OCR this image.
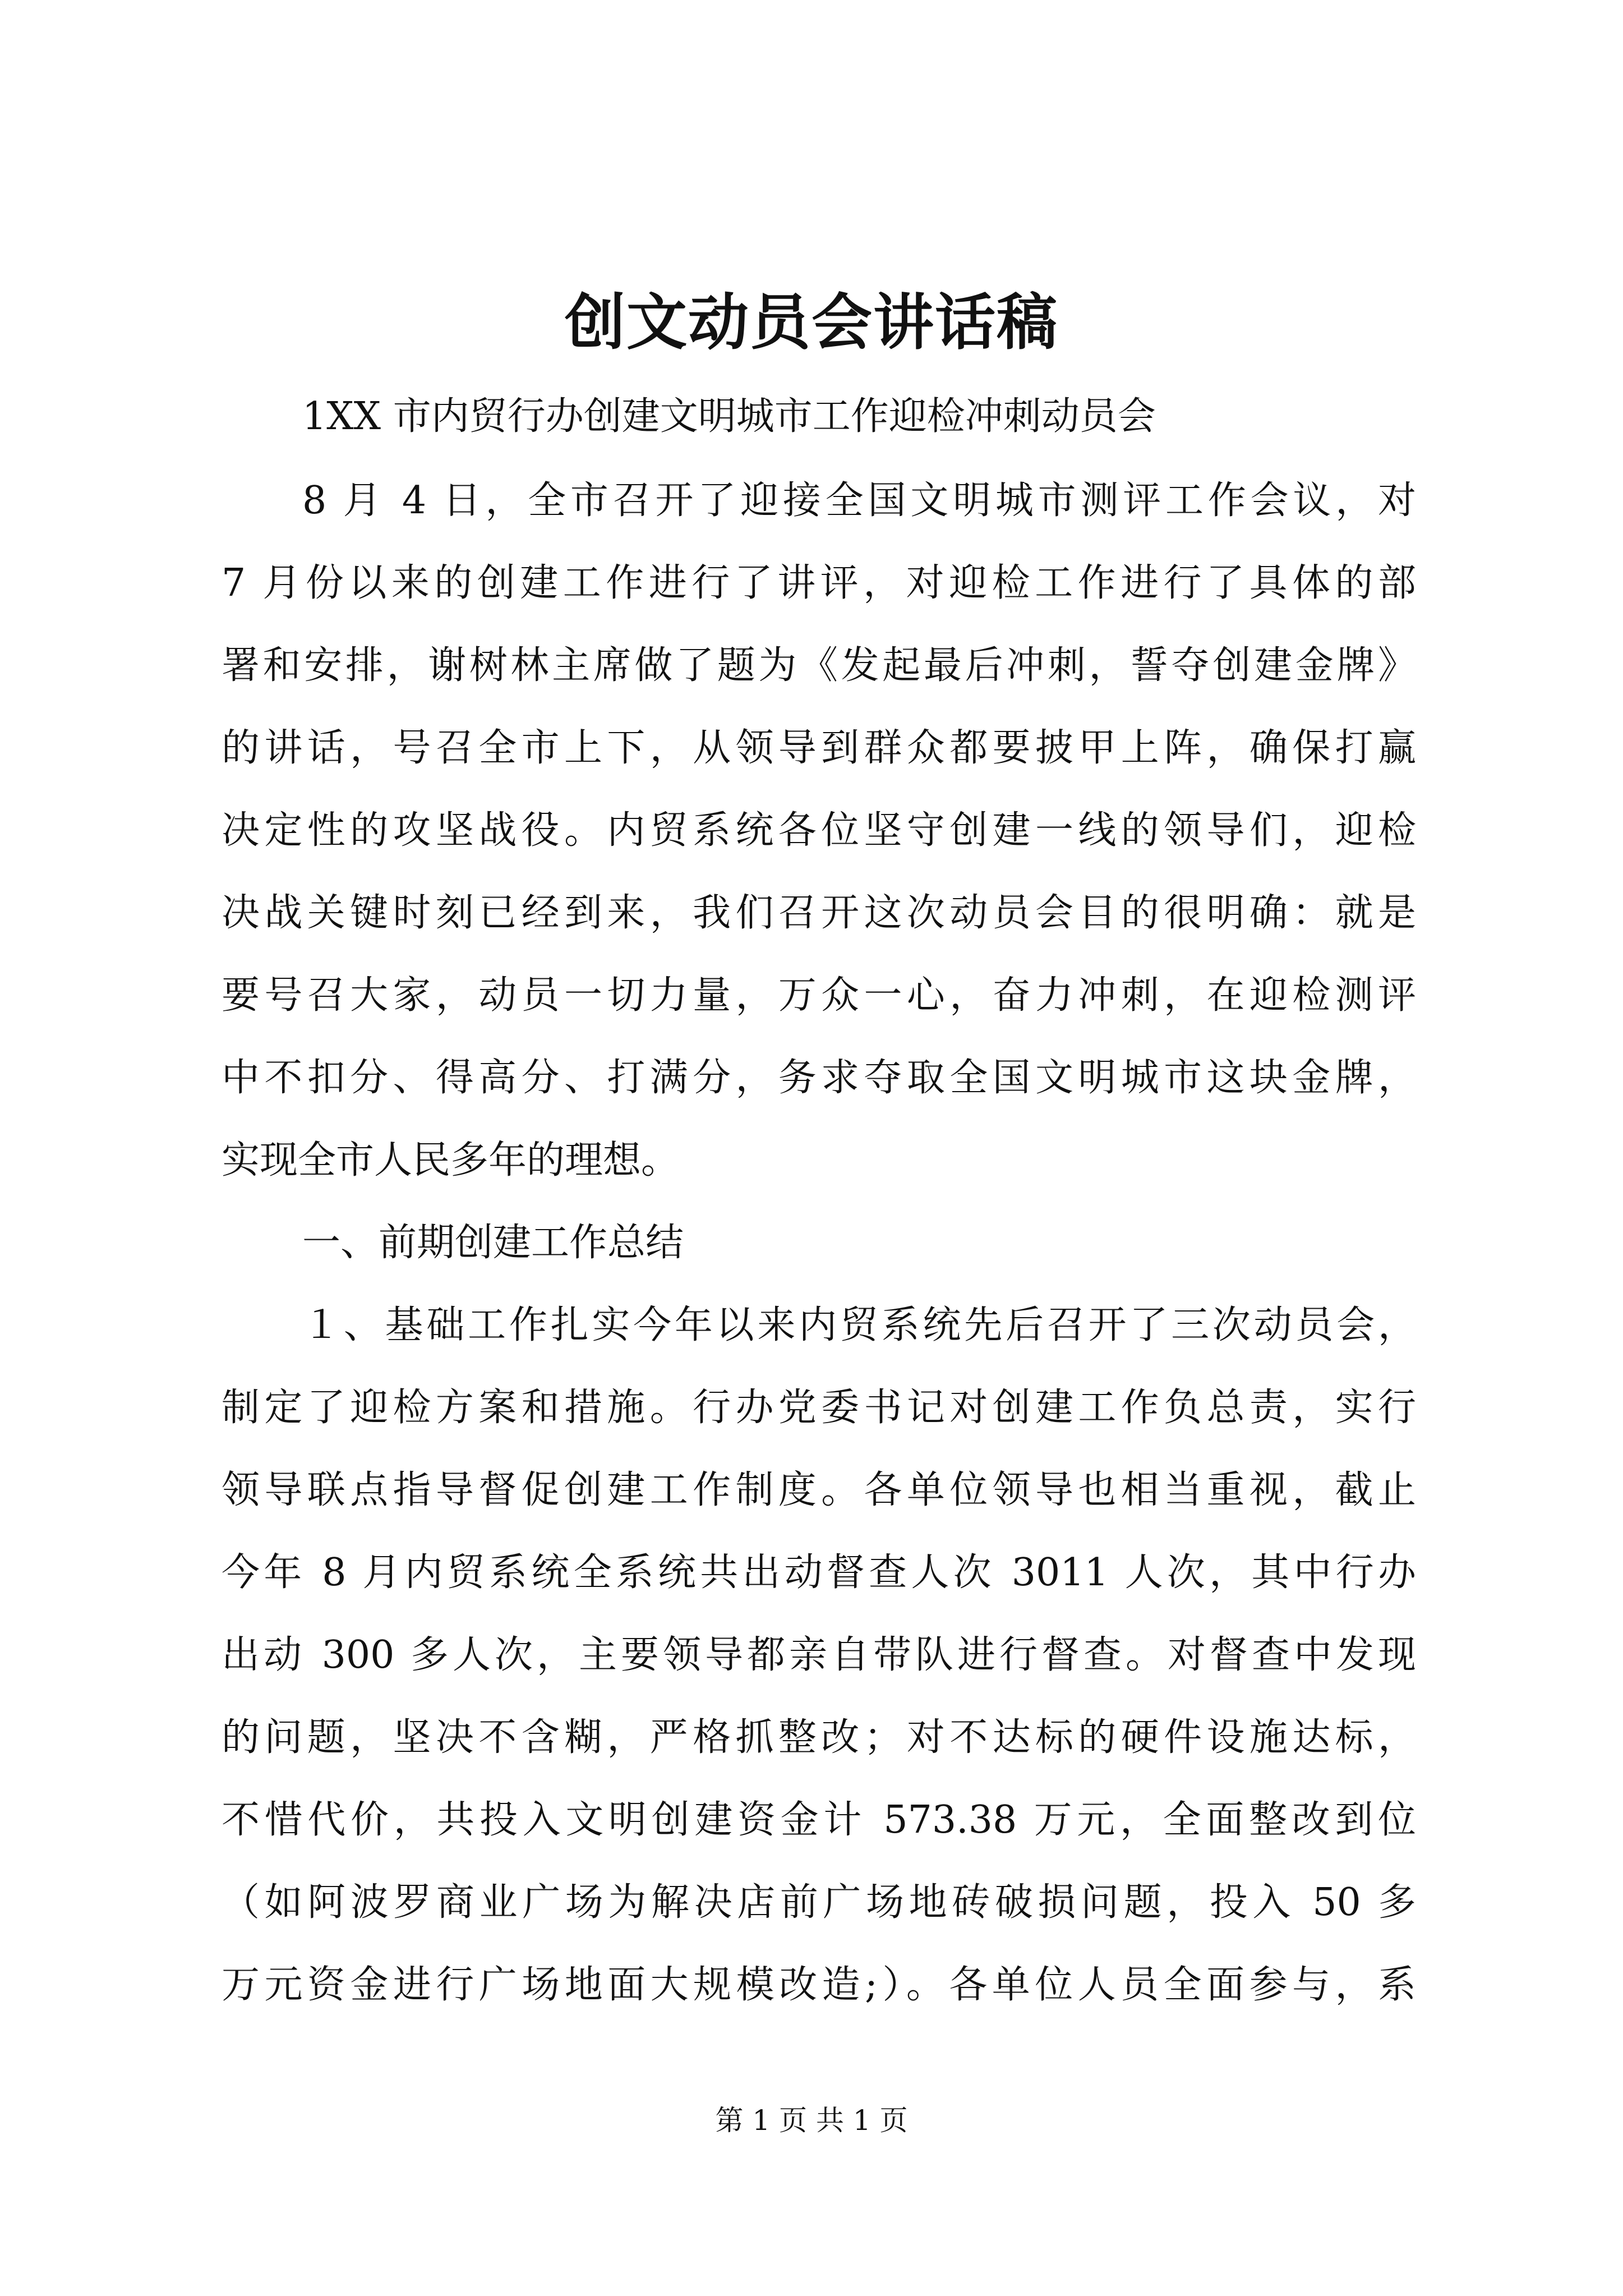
创文动员会讲话稿
1XX 市内贸行办创建文明城市工作迎检冲刺动员会
8 月 4 日，全市召开了迎接全国文明城市测评工作会议，对
7 月份以来的创建工作进行了讲评，对迎检工作进行了具体的部
署和安排，谢树林主席做了题为《发起最后冲刺，誓夺创建金牌》
的讲话，号召全市上下，从领导到群众都要披甲上阵，确保打赢
决定性的攻坚战役。内贸系统各位坚守创建一线的领导们，迎检
决战关键时刻已经到来，我们召开这次动员会目的很明确：就是
要号召大家，动员一切力量，万众一心，奋力冲刺，在迎检测评
中不扣分、得高分、打满分，务求夺取全国文明城市这块金牌，
实现全市人民多年的理想。
一、前期创建工作总结
１、基础工作扎实今年以来内贸系统先后召开了三次动员会，
制定了迎检方案和措施。行办党委书记对创建工作负总责，实行
领导联点指导督促创建工作制度。各单位领导也相当重视，截止
今年 8 月内贸系统全系统共出动督查人次 3011 人次，其中行办
出动 300 多人次，主要领导都亲自带队进行督查。对督查中发现
的问题，坚决不含糊，严格抓整改；对不达标的硬件设施达标，
不惜代价，共投入文明创建资金计 573.38 万元，全面整改到位
（如阿波罗商业广场为解决店前广场地砖破损问题，投入 50 多
万元资金进行广场地面大规模改造;）。各单位人员全面参与，系
第 1 页 共 1 页
